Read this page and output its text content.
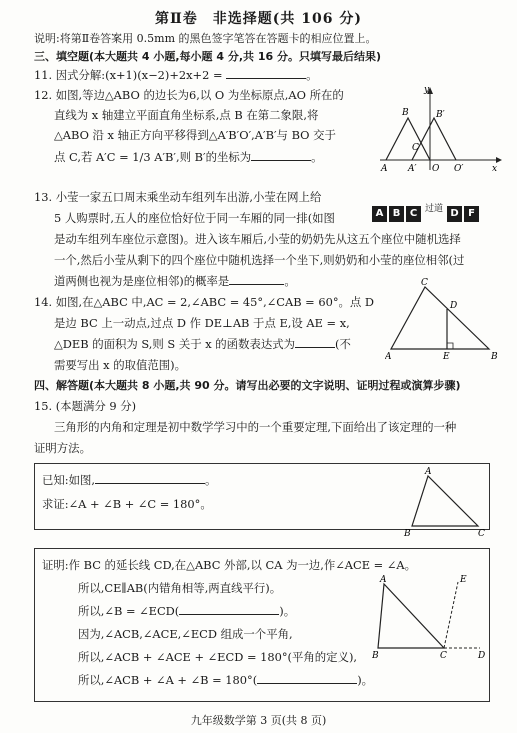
第Ⅱ卷　非选择题(共 106 分)
说明:将第Ⅱ卷答案用 0.5mm 的黑色签字笔答在答题卡的相应位置上。
三、填空题(本大题共 4 小题,每小题 4 分,共 16 分。只填写最后结果)
11. 因式分解:(x+1)(x−2)+2x+2 =	。
12. 如图,等边△ABO 的边长为6,以 O 为坐标原点,AO 所在的
直线为 x 轴建立平面直角坐标系,点 B 在第二象限,将
△ABO 沿 x 轴正方向平移得到△A′B′O′,A′B′与 BO 交于
点 C,若 A′C = 1/3 A′B′,则 B′的坐标为	。
y
B	B′
C
A A′ O O′	x
13. 小莹一家五口周末乘坐动车组列车出游,小莹在网上给
5 人购票时,五人的座位恰好位于同一车厢的同一排(如图
是动车组列车座位示意图)。进入该车厢后,小莹的奶奶先从这五个座位中随机选择
一个,然后小莹从剩下的四个座位中随机选择一个坐下,则奶奶和小莹的座位相邻(过
道两侧也视为是座位相邻)的概率是	。
A B C 过道 D F
14. 如图,在△ABC 中,AC = 2,∠ABC = 45°,∠CAB = 60°。点 D
是边 BC 上一动点,过点 D 作 DE⊥AB 于点 E,设 AE = x,
△DEB 的面积为 S,则 S 关于 x 的函数表达式为	(不
需要写出 x 的取值范围)。
C
D
A	E	B
四、解答题(本大题共 8 小题,共 90 分。请写出必要的文字说明、证明过程或演算步骤)
15. (本题满分 9 分)
三角形的内角和定理是初中数学学习中的一个重要定理,下面给出了该定理的一种
证明方法。
已知:如图,	。
求证:∠A + ∠B + ∠C = 180°。
A
B	C
证明:作 BC 的延长线 CD,在△ABC 外部,以 CA 为一边,作∠ACE = ∠A。
所以,CE∥AB(内错角相等,两直线平行)。
所以,∠B = ∠ECD(	)。
因为,∠ACB,∠ACE,∠ECD 组成一个平角,
所以,∠ACB + ∠ACE + ∠ECD = 180°(平角的定义),
所以,∠ACB + ∠A + ∠B = 180°(	)。
A	E
B	C	D
九年级数学第 3 页(共 8 页)
